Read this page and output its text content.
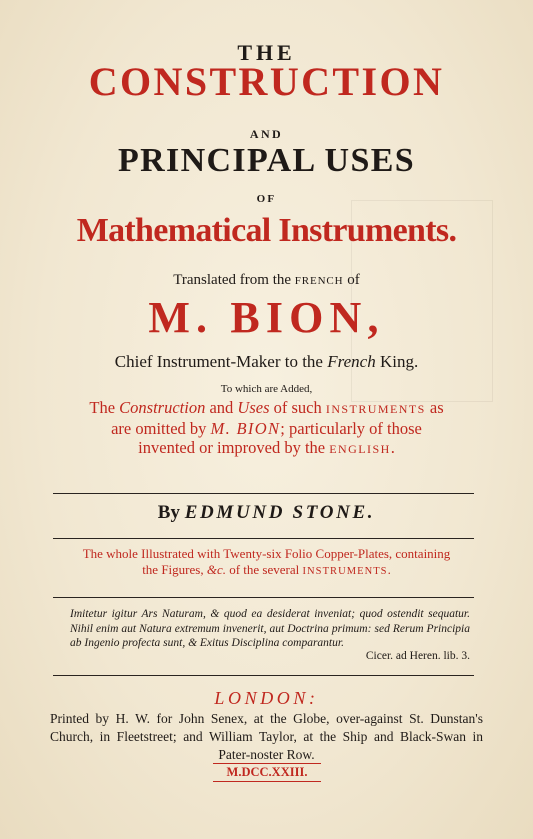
THE
CONSTRUCTION
AND
PRINCIPAL USES
OF
Mathematical Instruments.
Translated from the FRENCH of
M. BION,
Chief Instrument-Maker to the French King.
To which are Added,
The Construction and Uses of such INSTRUMENTS as
are omitted by M. BION; particularly of those
invented or improved by the ENGLISH.
By EDMUND STONE.
The whole Illustrated with Twenty-six Folio Copper-Plates, containing
the Figures, &c. of the several INSTRUMENTS.
Imitetur igitur Ars Naturam, & quod ea desiderat inveniat; quod ostendit sequatur. Nihil enim aut Natura extremum invenerit, aut Doctrina primum: sed Rerum Principia ab Ingenio profecta sunt, & Exitus Disciplina comparantur.
Cicer. ad Heren. lib. 3.
LONDON:
Printed by H. W. for John Senex, at the Globe, over-against St. Dunstan's Church, in Fleetstreet; and William Taylor, at the Ship and Black-Swan in Pater-noster Row.
M.DCC.XXIII.
